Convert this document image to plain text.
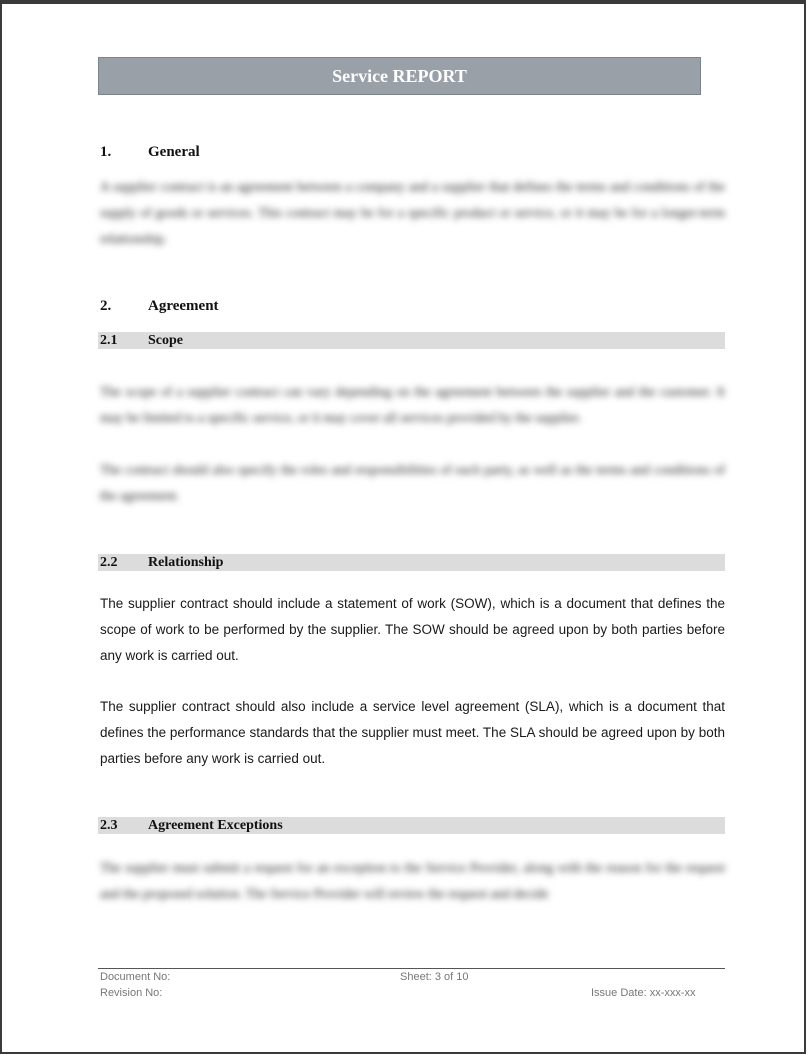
Service REPORT
1. General
A supplier contract is an agreement between a company and a supplier that defines the terms and conditions of the supply of goods or services. This contract may be for a specific product or service, or it may be for a longer-term relationship.
2. Agreement
2.1 Scope
The scope of a supplier contract can vary depending on the agreement between the supplier and the customer. It may be limited to a specific service, or it may cover all services provided by the supplier.
The contract should also specify the roles and responsibilities of each party, as well as the terms and conditions of the agreement.
2.2 Relationship
The supplier contract should include a statement of work (SOW), which is a document that defines the scope of work to be performed by the supplier. The SOW should be agreed upon by both parties before any work is carried out.
The supplier contract should also include a service level agreement (SLA), which is a document that defines the performance standards that the supplier must meet. The SLA should be agreed upon by both parties before any work is carried out.
2.3 Agreement Exceptions
The supplier must submit a request for an exception to the Service Provider, along with the reason for the request and the proposed solution. The Service Provider will review the request and decide
Document No:
Revision No:
Sheet: 3 of 10
Issue Date: xx-xxx-xx
